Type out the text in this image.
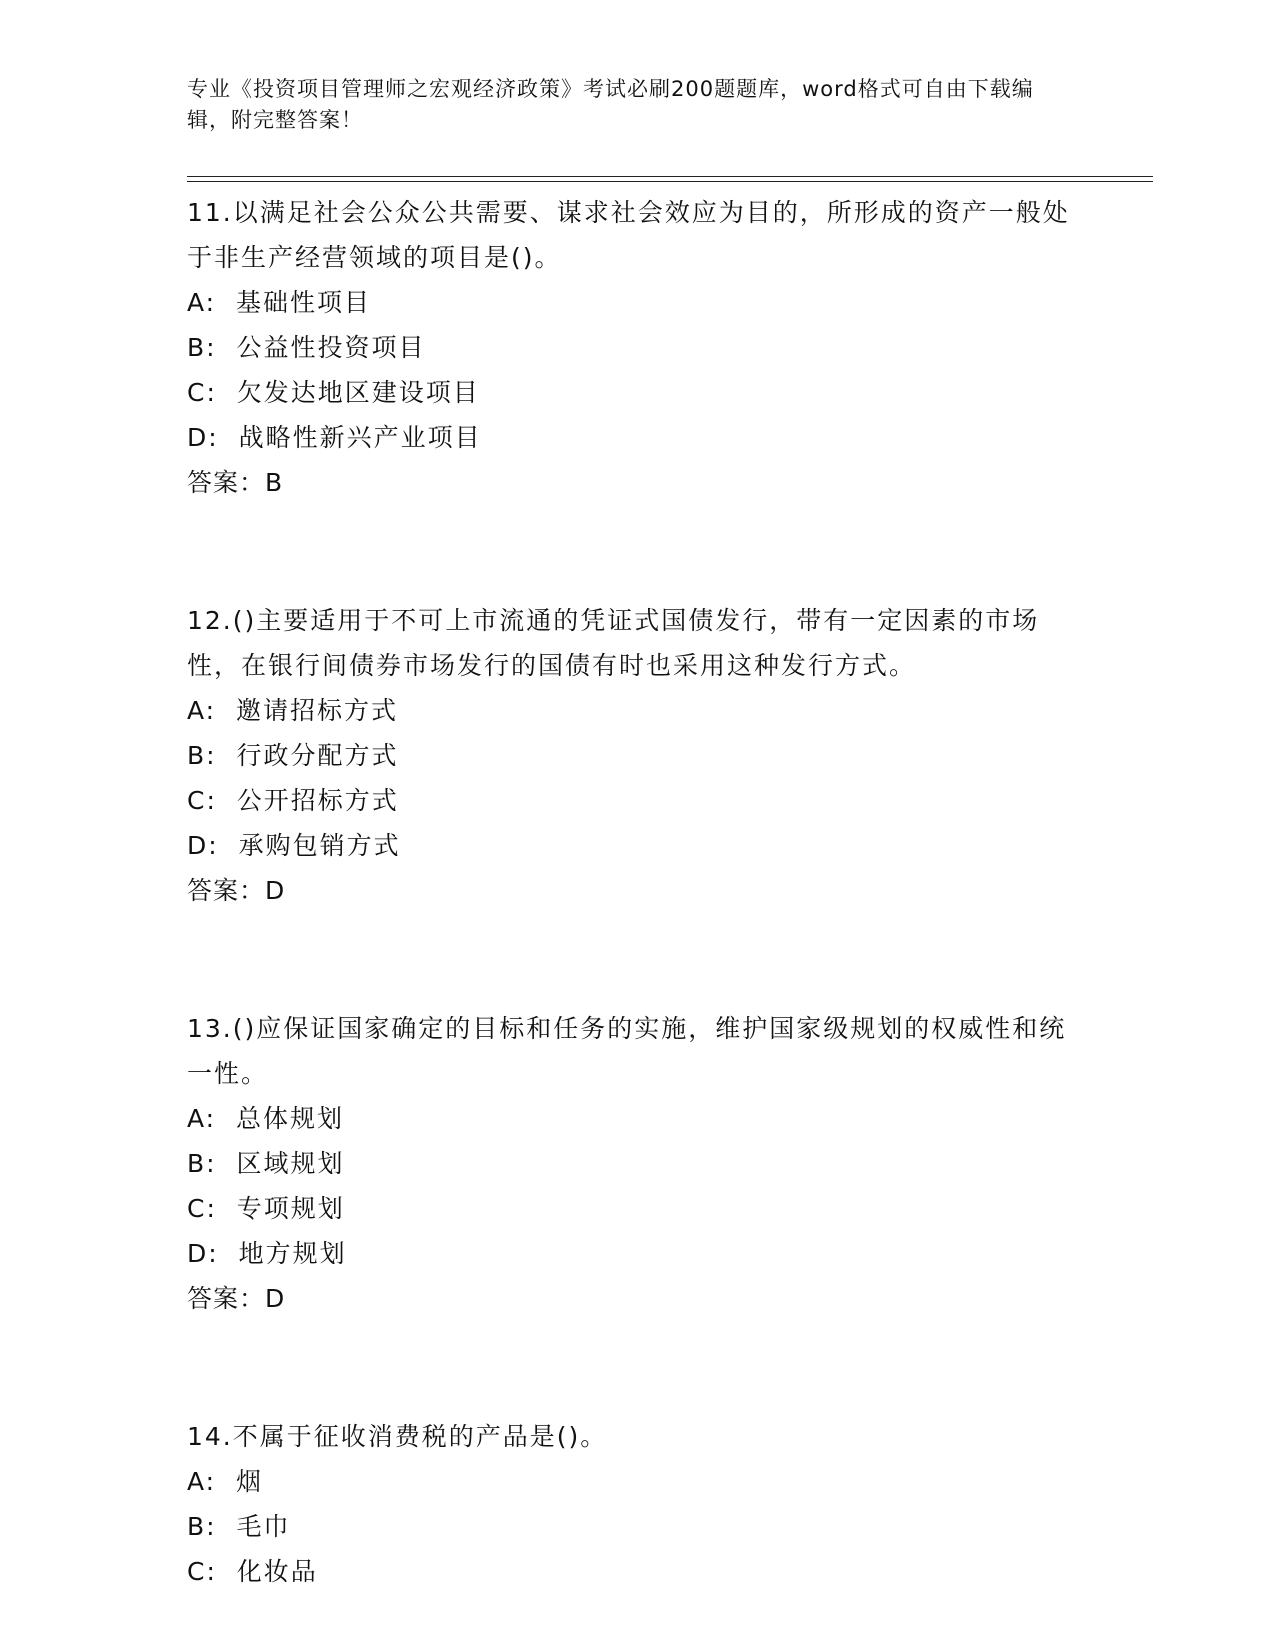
专业《投资项目管理师之宏观经济政策》考试必刷200题题库，word格式可自由下载编辑，附完整答案！
11.以满足社会公众公共需要、谋求社会效应为目的，所形成的资产一般处于非生产经营领域的项目是()。
A:  基础性项目
B:  公益性投资项目
C:  欠发达地区建设项目
D:  战略性新兴产业项目
答案：B
12.()主要适用于不可上市流通的凭证式国债发行，带有一定因素的市场性，在银行间债券市场发行的国债有时也采用这种发行方式。
A:  邀请招标方式
B:  行政分配方式
C:  公开招标方式
D:  承购包销方式
答案：D
13.()应保证国家确定的目标和任务的实施，维护国家级规划的权威性和统一性。
A:  总体规划
B:  区域规划
C:  专项规划
D:  地方规划
答案：D
14.不属于征收消费税的产品是()。
A:  烟
B:  毛巾
C:  化妆品
